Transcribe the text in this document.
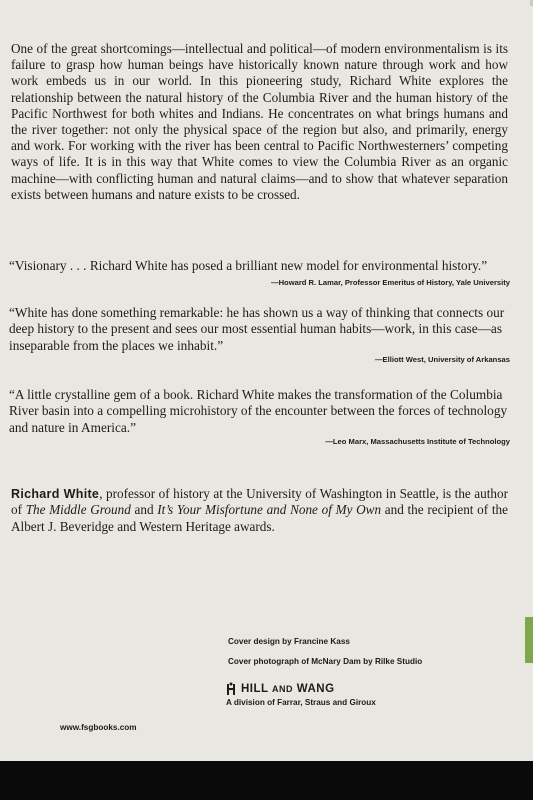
One of the great shortcomings—intellectual and political—of modern environmentalism is its failure to grasp how human beings have historically known nature through work and how work embeds us in our world. In this pioneering study, Richard White explores the relationship between the natural history of the Columbia River and the human history of the Pacific Northwest for both whites and Indians. He concentrates on what brings humans and the river together: not only the physical space of the region but also, and primarily, energy and work. For working with the river has been central to Pacific Northwesterners’ competing ways of life. It is in this way that White comes to view the Columbia River as an organic machine—with conflicting human and natural claims—and to show that whatever separation exists between humans and nature exists to be crossed.

“Visionary . . . Richard White has posed a brilliant new model for environmental history.”
—Howard R. Lamar, Professor Emeritus of History, Yale University

“White has done something remarkable: he has shown us a way of thinking that connects our deep history to the present and sees our most essential human habits—work, in this case—as inseparable from the places we inhabit.”

—Elliott West, University of Arkansas

“A little crystalline gem of a book. Richard White makes the transformation of the Columbia River basin into a compelling microhistory of the encounter between the forces of technology and nature in America.”

—Leo Marx, Massachusetts Institute of Technology

Richard White, professor of history at the University of Washington in Seattle, is the author of The Middle Ground and It’s Your Misfortune and None of My Own and the recipient of the Albert J. Beveridge and Western Heritage awards.

Cover design by Francine Kass
Cover photograph of McNary Dam by Rilke Studio
HILL AND WANG
A division of Farrar, Straus and Giroux
www.fsgbooks.com
